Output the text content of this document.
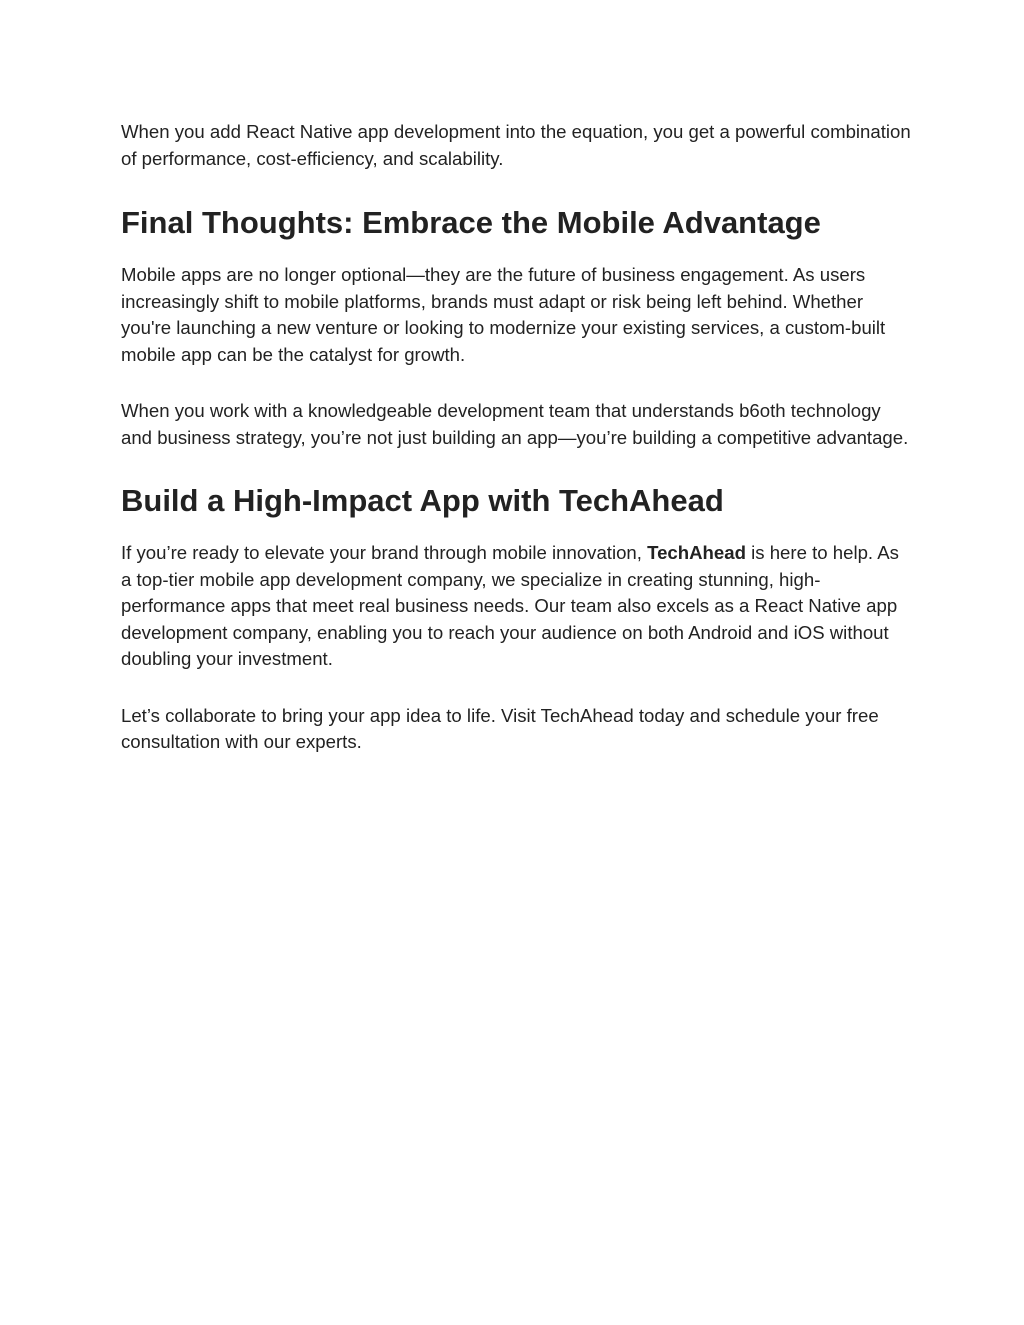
When you add React Native app development into the equation, you get a powerful combination of performance, cost-efficiency, and scalability.

Final Thoughts: Embrace the Mobile Advantage

Mobile apps are no longer optional—they are the future of business engagement. As users increasingly shift to mobile platforms, brands must adapt or risk being left behind. Whether you're launching a new venture or looking to modernize your existing services, a custom-built mobile app can be the catalyst for growth.

When you work with a knowledgeable development team that understands b6oth technology and business strategy, you’re not just building an app—you’re building a competitive advantage.

Build a High-Impact App with TechAhead

If you’re ready to elevate your brand through mobile innovation, TechAhead is here to help. As a top-tier mobile app development company, we specialize in creating stunning, high-performance apps that meet real business needs. Our team also excels as a React Native app development company, enabling you to reach your audience on both Android and iOS without doubling your investment.

Let’s collaborate to bring your app idea to life. Visit TechAhead today and schedule your free consultation with our experts.
